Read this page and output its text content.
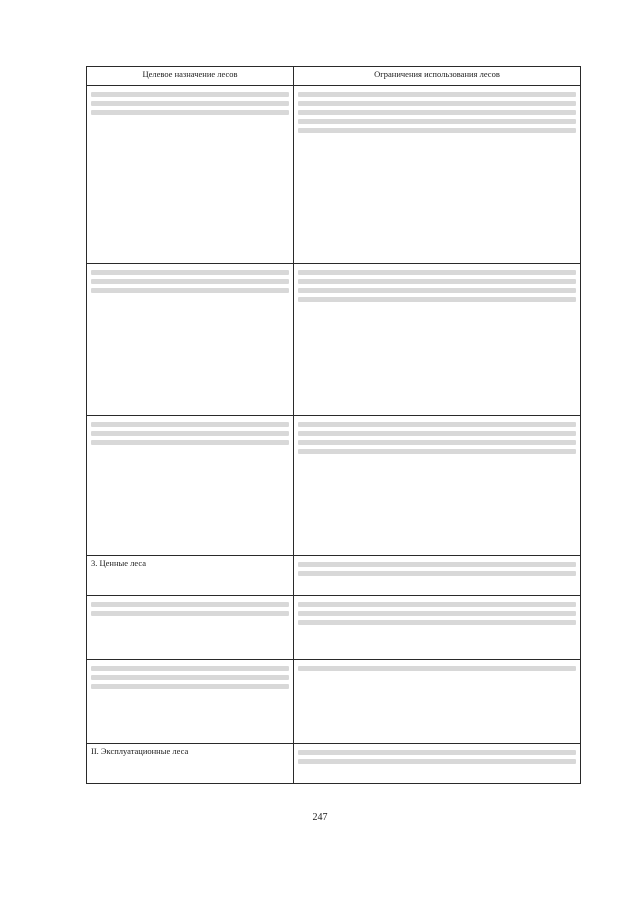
Целевое назначение лесов	Ограничения использования лесов

3. Ценные леса	

II. Эксплуатационные леса	

247
